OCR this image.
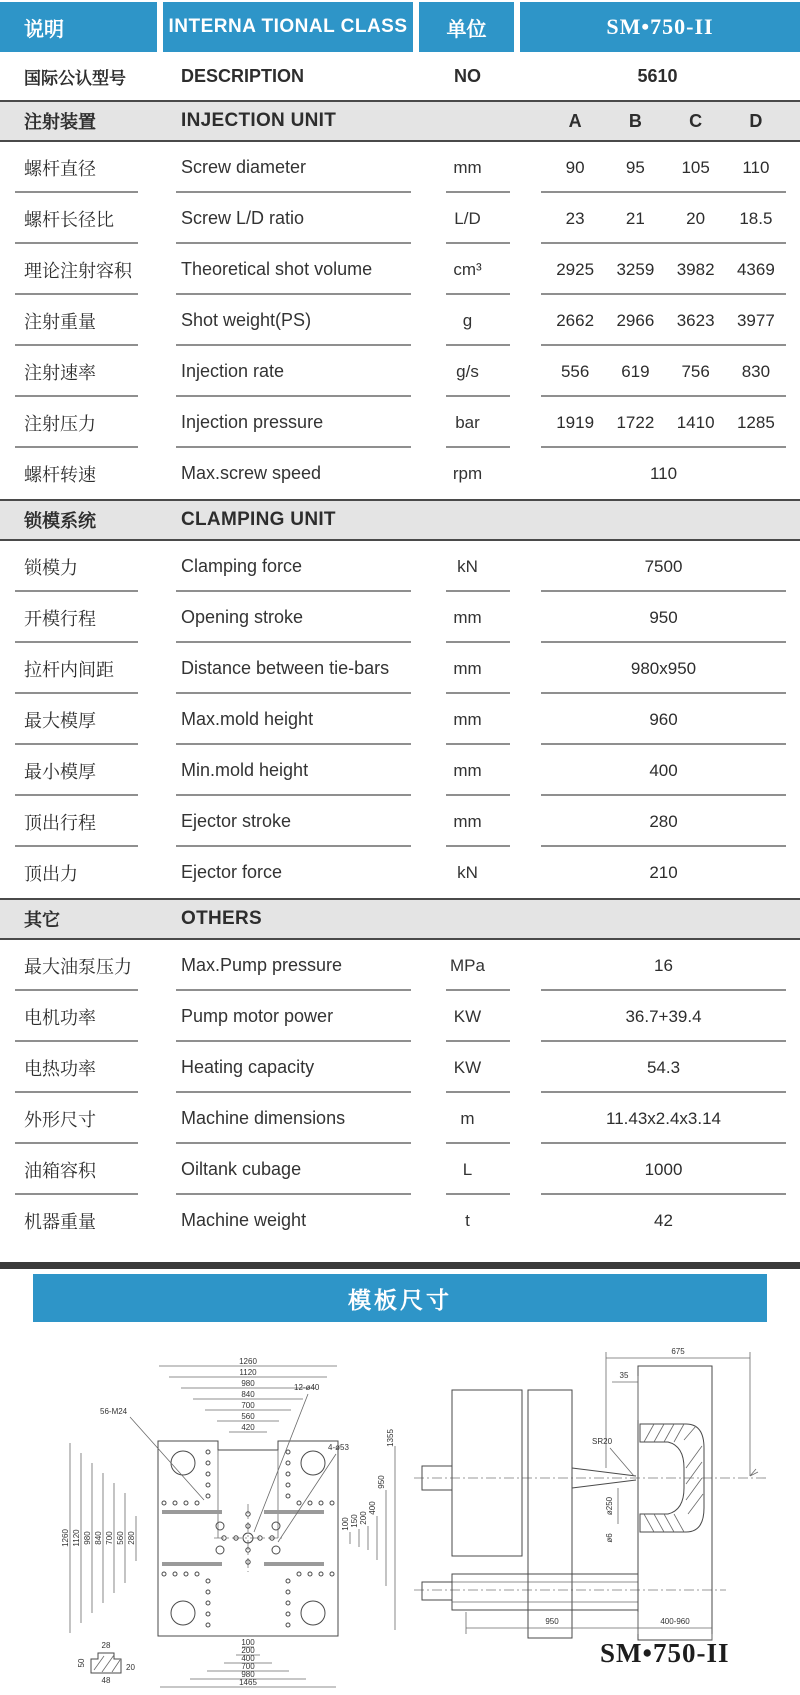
说明	INTERNA TIONAL CLASS	单位	SM•750-II
国际公认型号	DESCRIPTION	NO	5610
注射装置	INJECTION UNIT	A	B	C	D
螺杆直径	Screw diameter	mm	90	95	105	110
螺杆长径比	Screw L/D ratio	L/D	23	21	20	18.5
理论注射容积	Theoretical shot volume	cm³	2925	3259	3982	4369
注射重量	Shot weight(PS)	g	2662	2966	3623	3977
注射速率	Injection rate	g/s	556	619	756	830
注射压力	Injection pressure	bar	1919	1722	1410	1285
螺杆转速	Max.screw speed	rpm	110
锁模系统	CLAMPING UNIT
锁模力	Clamping force	kN	7500
开模行程	Opening stroke	mm	950
拉杆内间距	Distance between tie-bars	mm	980x950
最大模厚	Max.mold height	mm	960
最小模厚	Min.mold height	mm	400
顶出行程	Ejector stroke	mm	280
顶出力	Ejector force	kN	210
其它	OTHERS
最大油泵压力	Max.Pump pressure	MPa	16
电机功率	Pump motor power	KW	36.7+39.4
电热功率	Heating capacity	KW	54.3
外形尺寸	Machine dimensions	m	11.43x2.4x3.14
油箱容积	Oiltank cubage	L	1000
机器重量	Machine weight	t	42
模板尺寸
1260
1120
980
840
700
560
420
1260 1120 980 840 700 560 280
100 150 200
400
950
1355
100
200
400
700
980
1465
56-M24
12-ø40
4-ø53
28
50
48
20
675
35
SR20
ø250
ø6
950	400-960
SM•750-II
